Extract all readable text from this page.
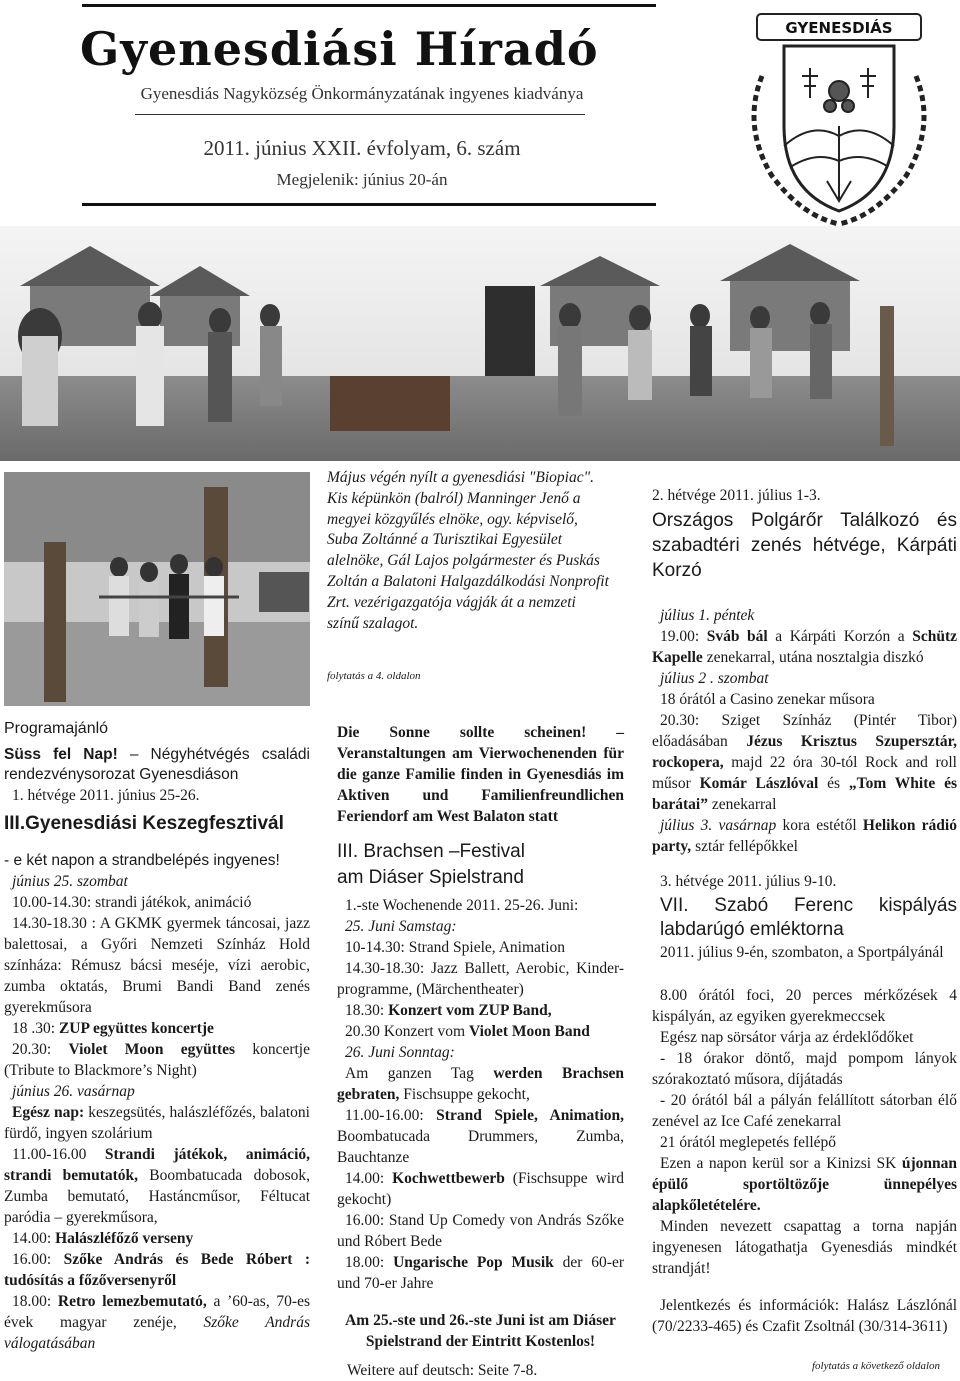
Gyenesdiási Híradó
Gyenesdiás Nagyközség Önkormányzatának ingyenes kiadványa
2011. június XXII. évfolyam, 6. szám
Megjelenik: június 20-án
GYENESDIÁS
Május végén nyílt a gyenesdiási "Biopiac". Kis képünkön (balról) Manninger Jenő a megyei közgyűlés elnöke, ogy. képviselő, Suba Zoltánné a Turisztikai Egyesület alelnöke, Gál Lajos polgármester és Puskás Zoltán a Balatoni Halgazdálkodási Nonprofit Zrt. vezérigazgatója vágják át a nemzeti színű szalagot.
folytatás a 4. oldalon

Programajánló

Süss fel Nap! – Négyhétvégés családi rendezvénysorozat Gyenesdiáson

1. hétvége 2011. június 25-26.

III.Gyenesdiási Keszegfesztivál

- e két napon a strandbelépés ingyenes!

június 25. szombat

10.00-14.30: strandi játékok, animáció

14.30-18.30 : A GKMK gyermek táncosai, jazz balettosai, a Győri Nemzeti Színház Hold színháza: Rémusz bácsi meséje, vízi aerobic, zumba oktatás, Brumi Bandi Band zenés gyerekműsora

18 .30: ZUP együttes koncertje

20.30: Violet Moon együttes koncertje (Tribute to Blackmore’s Night)

június 26. vasárnap

Egész nap: keszegsütés, halászléfőzés, balatoni fürdő, ingyen szolárium

11.00-16.00 Strandi játékok, animáció, strandi bemutatók, Boombatucada dobosok, Zumba bemutató, Hastáncműsor, Féltucat paródia – gyerekműsora,

14.00: Halászléfőző verseny

16.00: Szőke András és Bede Róbert : tudósítás a főzőversenyről

18.00: Retro lemezbemutató, a ’60-as, 70-es évek magyar zenéje, Szőke András válogatásában

Die Sonne sollte scheinen! – Veranstaltungen am Vierwochenenden für die ganze Familie finden in Gyenesdiás im Aktiven und Familienfreundlichen Feriendorf am West Balaton statt

III. Brachsen –Festival

am Diáser Spielstrand

1.-ste Wochenende 2011. 25-26. Juni:

25. Juni Samstag:

10-14.30: Strand Spiele, Animation

14.30-18.30: Jazz Ballett, Aerobic, Kinder-programme, (Märchentheater)

18.30: Konzert vom ZUP Band,

20.30 Konzert vom Violet Moon Band

26. Juni Sonntag:

Am ganzen Tag werden Brachsen gebraten, Fischsuppe gekocht,

11.00-16.00: Strand Spiele, Animation, Boombatucada Drummers, Zumba, Bauchtanze

14.00: Kochwettbewerb (Fischsuppe wird gekocht)

16.00: Stand Up Comedy von András Szőke und Róbert Bede

18.00: Ungarische Pop Musik der 60-er und 70-er Jahre

Am 25.-ste und 26.-ste Juni ist am Diáser Spielstrand der Eintritt Kostenlos!

Weitere auf deutsch: Seite 7-8.

2. hétvége 2011. július 1-3.

Országos Polgárőr Találkozó és szabadtéri zenés hétvége, Kárpáti Korzó

július 1. péntek

19.00: Sváb bál a Kárpáti Korzón a Schütz Kapelle zenekarral, utána nosztalgia diszkó

július 2 . szombat

18 órától a Casino zenekar műsora

20.30: Sziget Színház (Pintér Tibor) előadásában Jézus Krisztus Szupersztár, rockopera, majd 22 óra 30-tól Rock and roll műsor Komár Lászlóval és „Tom White és barátai” zenekarral

július 3. vasárnap kora estétől Helikon rádió party, sztár fellépőkkel

3. hétvége 2011. július 9-10.

VII. Szabó Ferenc kispályás labdarúgó emléktorna

2011. július 9-én, szombaton, a Sportpályánál

8.00 órától foci, 20 perces mérkőzések 4 kispályán, az egyiken gyerekmeccsek

Egész nap sörsátor várja az érdeklődőket

- 18 órakor döntő, majd pompom lányok szórakoztató műsora, díjátadás

- 20 órától bál a pályán felállított sátorban élő zenével az Ice Café zenekarral

21 órától meglepetés fellépő

Ezen a napon kerül sor a Kinizsi SK újonnan épülő sportöltözője ünnepélyes alapkőletételére.

Minden nevezett csapattag a torna napján ingyenesen látogathatja Gyenesdiás mindkét strandját!

Jelentkezés és információk: Halász Lászlónál (70/2233-465) és Czafit Zsoltnál (30/314-3611)

folytatás a következő oldalon
